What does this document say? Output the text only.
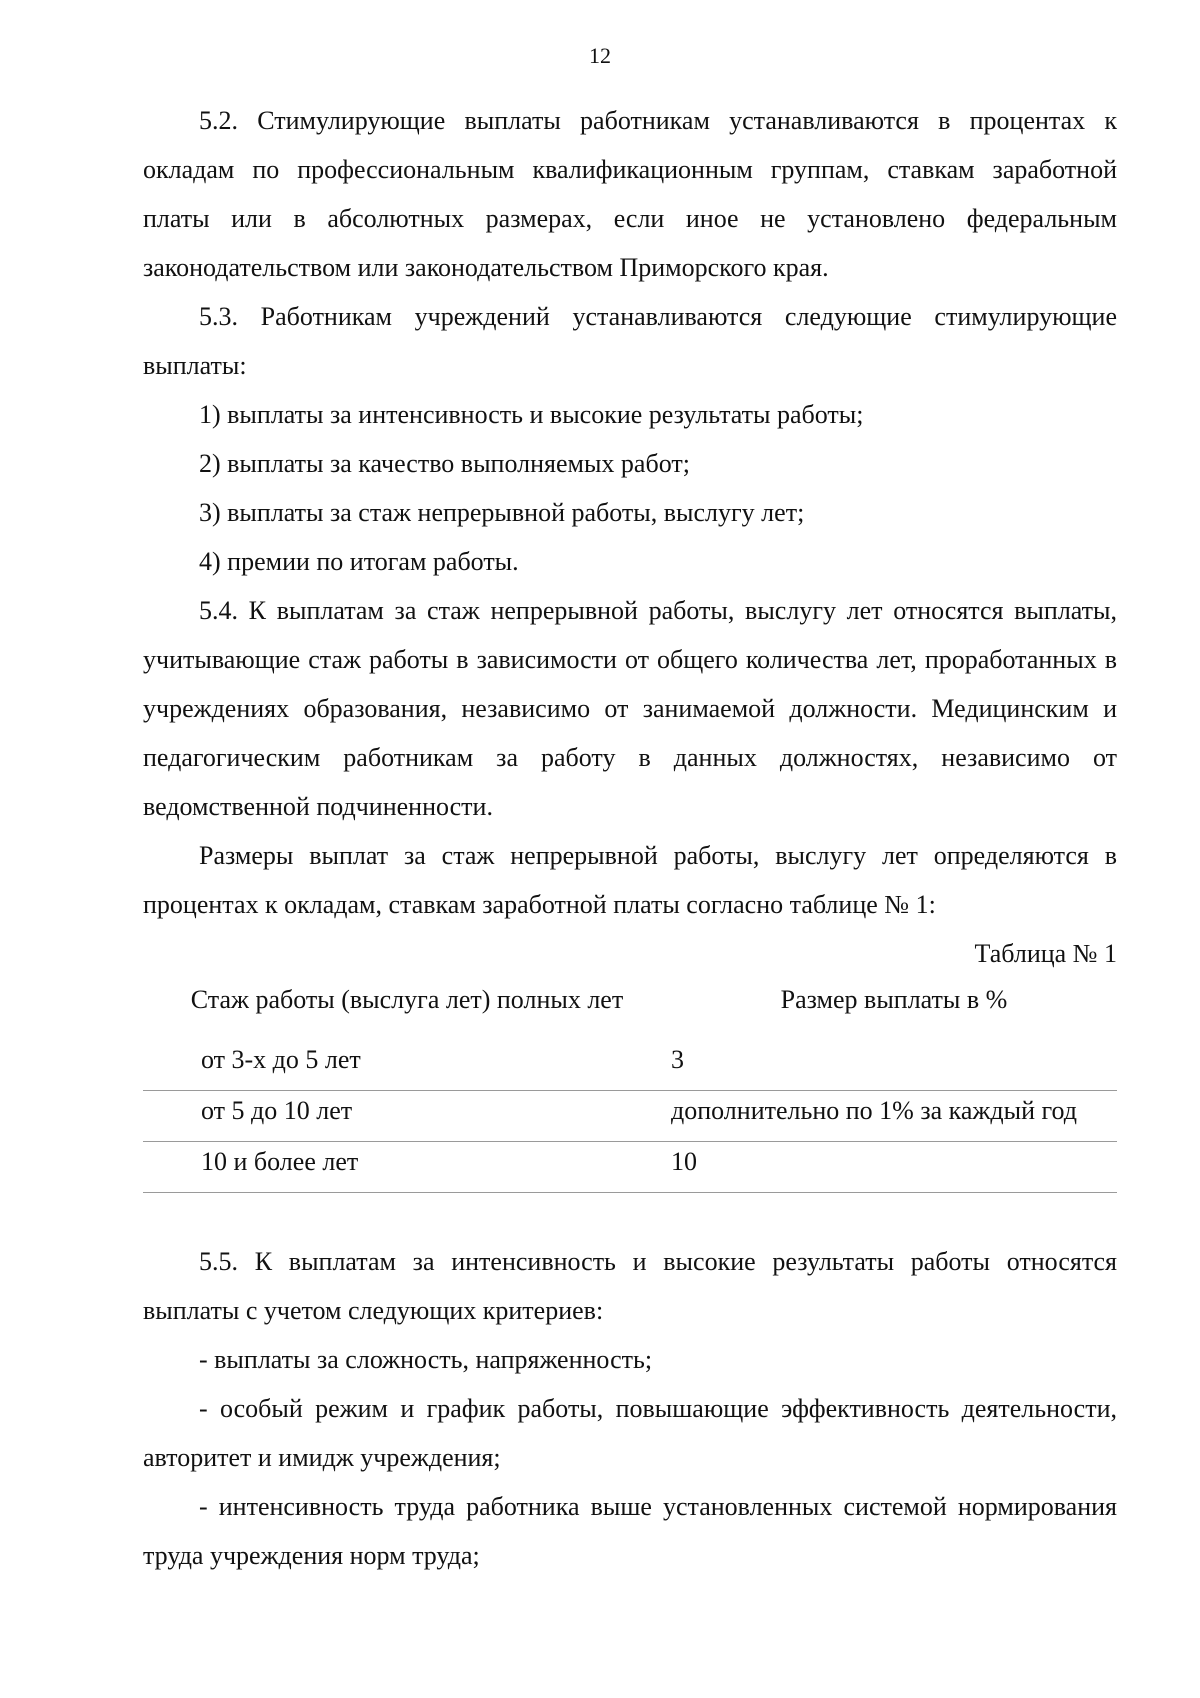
12

5.2. Стимулирующие выплаты работникам устанавливаются в процентах к окладам по профессиональным квалификационным группам, ставкам заработной платы или в абсолютных размерах, если иное не установлено федеральным законодательством или законодательством Приморского края.

5.3. Работникам учреждений устанавливаются следующие стимулирующие выплаты:

1) выплаты за интенсивность и высокие результаты работы;

2) выплаты за качество выполняемых работ;

3) выплаты за стаж непрерывной работы, выслугу лет;

4) премии по итогам работы.

5.4. К выплатам за стаж непрерывной работы, выслугу лет относятся выплаты, учитывающие стаж работы в зависимости от общего количества лет, проработанных в учреждениях образования, независимо от занимаемой должности. Медицинским и педагогическим работникам за работу в данных должностях, независимо от ведомственной подчиненности.

Размеры выплат за стаж непрерывной работы, выслугу лет определяются в процентах к окладам, ставкам заработной платы согласно таблице № 1:

Таблица № 1

Стаж работы (выслуга лет) полных лет	Размер выплаты в %
от 3-х до 5 лет	3
от 5 до 10 лет	дополнительно по 1% за каждый год
10 и более лет	10

5.5. К выплатам за интенсивность и высокие результаты работы относятся выплаты с учетом следующих критериев:

- выплаты за сложность, напряженность;

- особый режим и график работы, повышающие эффективность деятельности, авторитет и имидж учреждения;

- интенсивность труда работника выше установленных системой нормирования труда учреждения норм труда;
